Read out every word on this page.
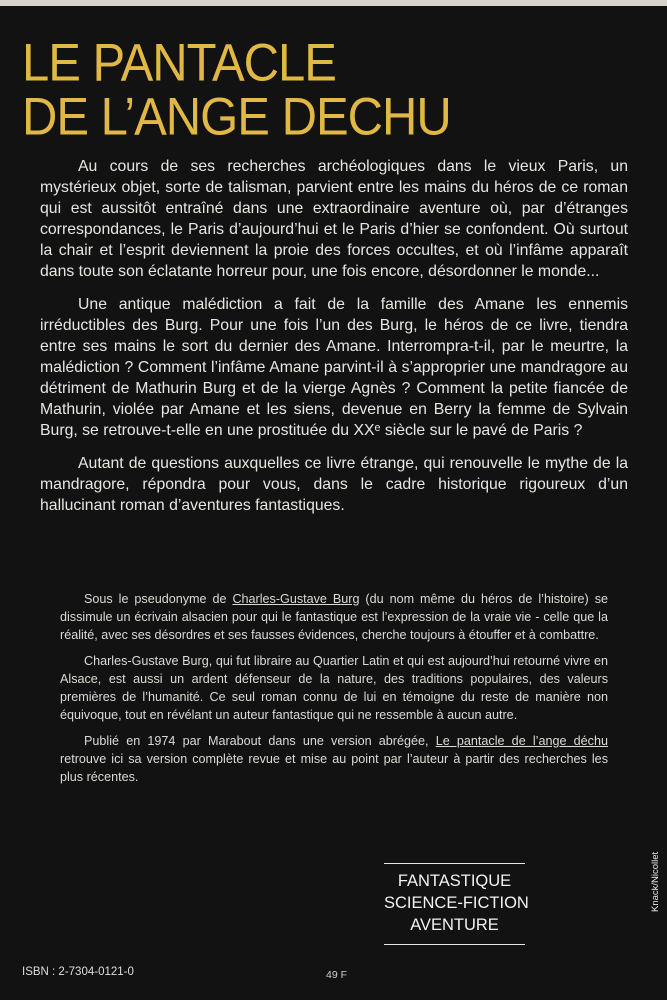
LE PANTACLE
DE L’ANGE DECHU

Au cours de ses recherches archéologiques dans le vieux Paris, un mystérieux objet, sorte de talisman, parvient entre les mains du héros de ce roman qui est aussitôt entraîné dans une extraordinaire aventure où, par d’étranges correspondances, le Paris d’aujourd’hui et le Paris d’hier se confondent. Où surtout la chair et l’esprit deviennent la proie des forces occultes, et où l’infâme apparaît dans toute son éclatante horreur pour, une fois encore, désordonner le monde...

Une antique malédiction a fait de la famille des Amane les ennemis irréductibles des Burg. Pour une fois l’un des Burg, le héros de ce livre, tiendra entre ses mains le sort du dernier des Amane. Interrompra-t-il, par le meurtre, la malédiction ? Comment l’infâme Amane parvint-il à s’approprier une mandragore au détriment de Mathurin Burg et de la vierge Agnès ? Comment la petite fiancée de Mathurin, violée par Amane et les siens, devenue en Berry la femme de Sylvain Burg, se retrouve-t-elle en une prostituée du XXᵉ siècle sur le pavé de Paris ?

Autant de questions auxquelles ce livre étrange, qui renouvelle le mythe de la mandragore, répondra pour vous, dans le cadre historique rigoureux d’un hallucinant roman d’aventures fantastiques.

Sous le pseudonyme de Charles-Gustave Burg (du nom même du héros de l’histoire) se dissimule un écrivain alsacien pour qui le fantastique est l’expression de la vraie vie - celle que la réalité, avec ses désordres et ses fausses évidences, cherche toujours à étouffer et à combattre.

Charles-Gustave Burg, qui fut libraire au Quartier Latin et qui est aujourd’hui retourné vivre en Alsace, est aussi un ardent défenseur de la nature, des traditions populaires, des valeurs premières de l’humanité. Ce seul roman connu de lui en témoigne du reste de manière non équivoque, tout en révélant un auteur fantastique qui ne ressemble à aucun autre.

Publié en 1974 par Marabout dans une version abrégée, Le pantacle de l’ange déchu retrouve ici sa version complète revue et mise au point par l’auteur à partir des recherches les plus récentes.

FANTASTIQUE
SCIENCE-FICTION
AVENTURE
Knack/Nicollet
ISBN : 2-7304-0121-0	49 F
